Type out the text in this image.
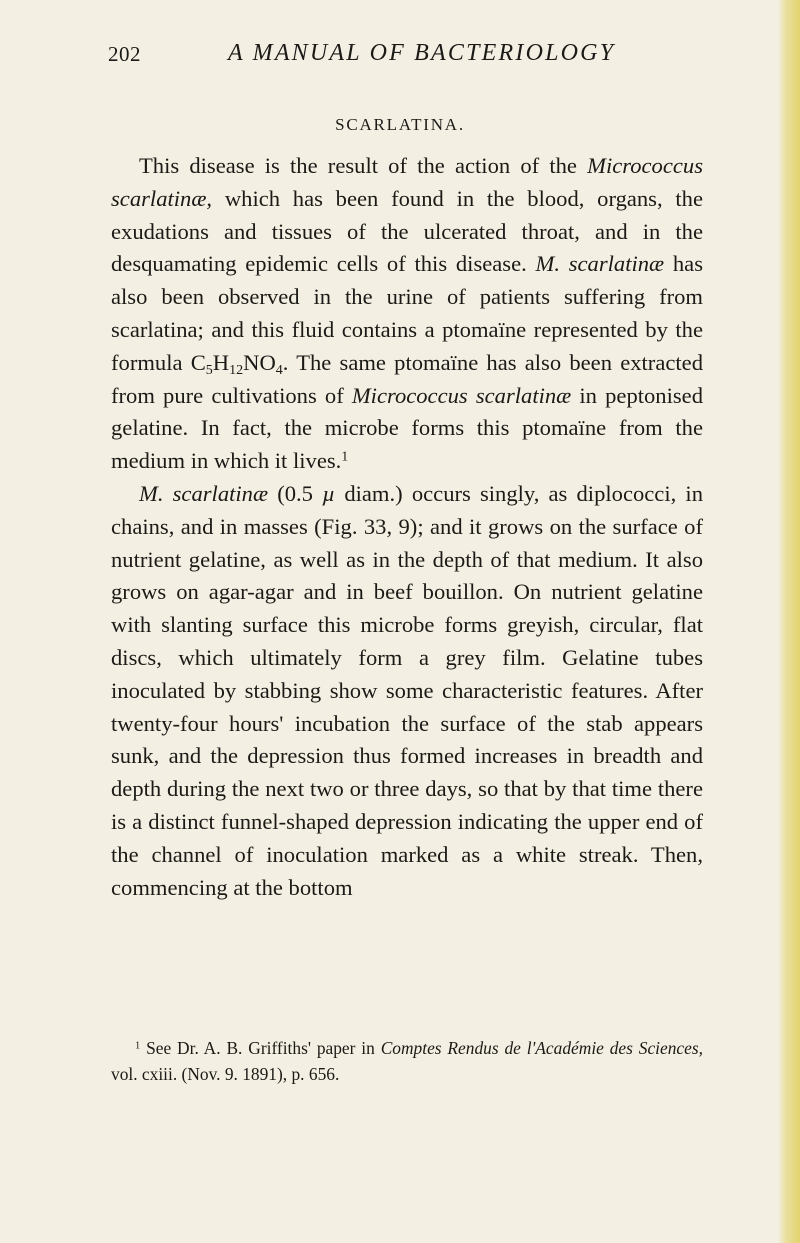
202	A MANUAL OF BACTERIOLOGY
SCARLATINA.

This disease is the result of the action of the Micrococcus scarlatinæ, which has been found in the blood, organs, the exudations and tissues of the ulcerated throat, and in the desquamating epidemic cells of this disease. M. scarlatinæ has also been observed in the urine of patients suffering from scarlatina; and this fluid contains a ptomaïne represented by the formula $C_5H_{12}NO_4$. The same ptomaïne has also been extracted from pure cultivations of Micrococcus scarlatinæ in peptonised gelatine. In fact, the microbe forms this ptomaïne from the medium in which it lives.$^1$

M. scarlatinæ (0.5 µ diam.) occurs singly, as diplococci, in chains, and in masses (Fig. 33, 9); and it grows on the surface of nutrient gelatine, as well as in the depth of that medium. It also grows on agar-agar and in beef bouillon. On nutrient gelatine with slanting surface this microbe forms greyish, circular, flat discs, which ultimately form a grey film. Gelatine tubes inoculated by stabbing show some characteristic features. After twenty-four hours' incubation the surface of the stab appears sunk, and the depression thus formed increases in breadth and depth during the next two or three days, so that by that time there is a distinct funnel-shaped depression indicating the upper end of the channel of inoculation marked as a white streak. Then, commencing at the bottom

$^1$ See Dr. A. B. Griffiths' paper in Comptes Rendus de l'Académie des Sciences, vol. cxiii. (Nov. 9. 1891), p. 656.
